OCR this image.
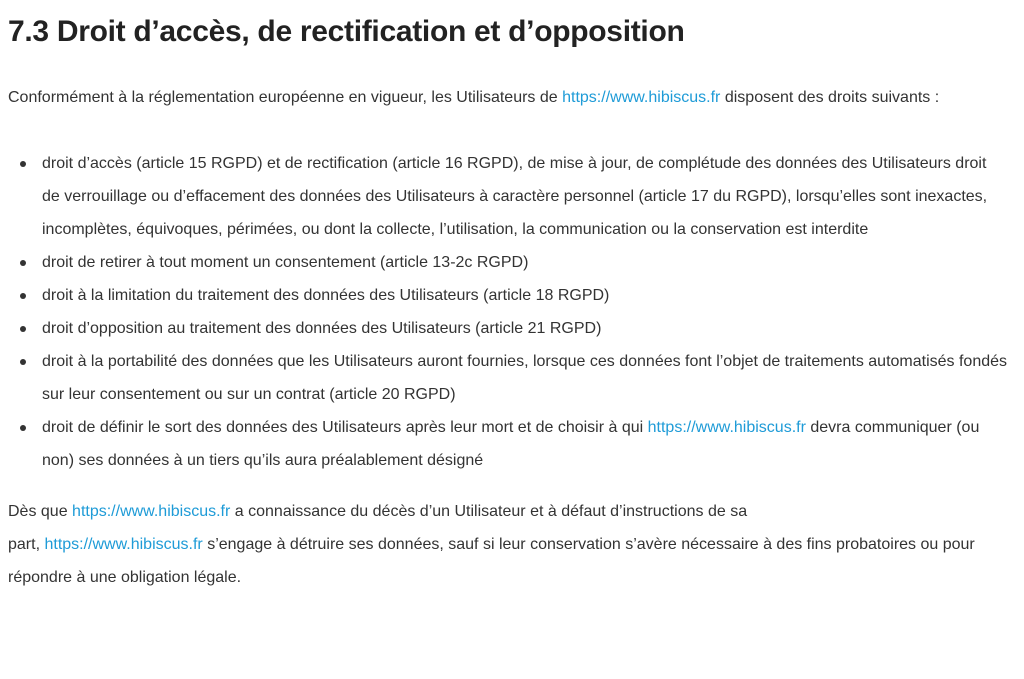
7.3 Droit d’accès, de rectification et d’opposition

Conformément à la réglementation européenne en vigueur, les Utilisateurs de https://www.hibiscus.fr disposent des droits suivants :

droit d’accès (article 15 RGPD) et de rectification (article 16 RGPD), de mise à jour, de complétude des données des Utilisateurs droit de verrouillage ou d’effacement des données des Utilisateurs à caractère personnel (article 17 du RGPD), lorsqu’elles sont inexactes, incomplètes, équivoques, périmées, ou dont la collecte, l’utilisation, la communication ou la conservation est interdite
droit de retirer à tout moment un consentement (article 13-2c RGPD)
droit à la limitation du traitement des données des Utilisateurs (article 18 RGPD)
droit d’opposition au traitement des données des Utilisateurs (article 21 RGPD)
droit à la portabilité des données que les Utilisateurs auront fournies, lorsque ces données font l’objet de traitements automatisés fondés sur leur consentement ou sur un contrat (article 20 RGPD)
droit de définir le sort des données des Utilisateurs après leur mort et de choisir à qui https://www.hibiscus.fr devra communiquer (ou non) ses données à un tiers qu’ils aura préalablement désigné

Dès que https://www.hibiscus.fr a connaissance du décès d’un Utilisateur et à défaut d’instructions de sa
part, https://www.hibiscus.fr s’engage à détruire ses données, sauf si leur conservation s’avère nécessaire à des fins probatoires ou pour répondre à une obligation légale.
